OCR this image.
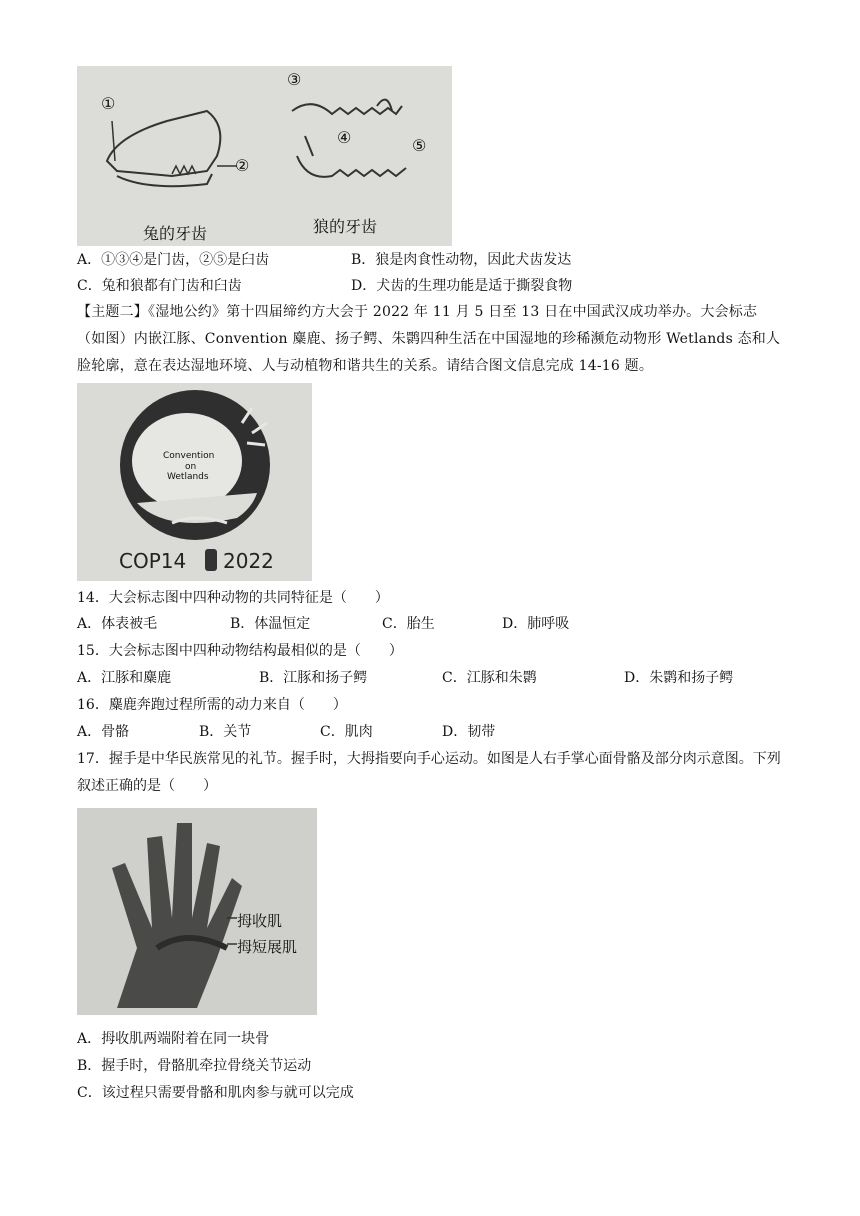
①
②
③
④	⑤
兔的牙齿	狼的牙齿
A．①③④是门齿，②⑤是臼齿	B．狼是肉食性动物，因此犬齿发达
C．兔和狼都有门齿和臼齿	D．犬齿的生理功能是适于撕裂食物
【主题二】《湿地公约》第十四届缔约方大会于 2022 年 11 月 5 日至 13 日在中国武汉成功举办。大会标志（如图）内嵌江豚、Convention 麋鹿、扬子鳄、朱鹮四种生活在中国湿地的珍稀濒危动物形 Wetlands 态和人脸轮廓，意在表达湿地环境、人与动植物和谐共生的关系。请结合图文信息完成 14-16 题。
Convention
on
Wetlands
COP14 2022
14．大会标志图中四种动物的共同特征是（　　）
A．体表被毛	B．体温恒定	C．胎生	D．肺呼吸
15．大会标志图中四种动物结构最相似的是（　　）
A．江豚和麋鹿	B．江豚和扬子鳄	C．江豚和朱鹮	D．朱鹮和扬子鳄
16．麋鹿奔跑过程所需的动力来自（　　）
A．骨骼	B．关节	C．肌肉	D．韧带
17．握手是中华民族常见的礼节。握手时，大拇指要向手心运动。如图是人右手掌心面骨骼及部分肉示意图。下列叙述正确的是（　　）
拇收肌
拇短展肌
A．拇收肌两端附着在同一块骨
B．握手时，骨骼肌牵拉骨绕关节运动
C．该过程只需要骨骼和肌肉参与就可以完成
